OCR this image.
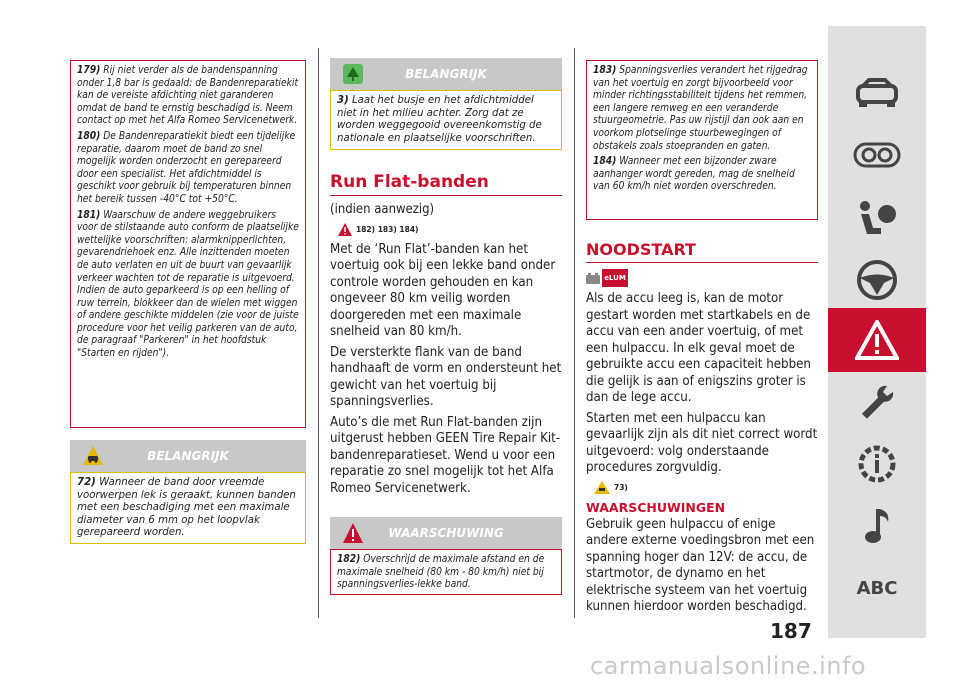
179) Rij niet verder als de bandenspanning onder 1,8 bar is gedaald: de Bandenreparatiekit kan de vereiste afdichting niet garanderen omdat de band te ernstig beschadigd is. Neem contact op met het Alfa Romeo Servicenetwerk.

180) De Bandenreparatiekit biedt een tijdelijke reparatie, daarom moet de band zo snel mogelijk worden onderzocht en gerepareerd door een specialist. Het afdichtmiddel is geschikt voor gebruik bij temperaturen binnen het bereik tussen -40°C tot +50°C.

181) Waarschuw de andere weggebruikers voor de stilstaande auto conform de plaatselijke wettelijke voorschriften: alarmknipperlichten, gevarendriehoek enz. Alle inzittenden moeten de auto verlaten en uit de buurt van gevaarlijk verkeer wachten tot de reparatie is uitgevoerd. Indien de auto geparkeerd is op een helling of ruw terrein, blokkeer dan de wielen met wiggen of andere geschikte middelen (zie voor de juiste procedure voor het veilig parkeren van de auto, de paragraaf "Parkeren" in het hoofdstuk "Starten en rijden").

BELANGRIJK
72) Wanneer de band door vreemde voorwerpen lek is geraakt, kunnen banden met een beschadiging met een maximale diameter van 6 mm op het loopvlak gerepareerd worden.
BELANGRIJK
3) Laat het busje en het afdichtmiddel niet in het milieu achter. Zorg dat ze worden weggegooid overeenkomstig de nationale en plaatselijke voorschriften.
Run Flat-banden

(indien aanwezig)

182) 183) 184)

Met de ‘Run Flat’-banden kan het voertuig ook bij een lekke band onder controle worden gehouden en kan ongeveer 80 km veilig worden doorgereden met een maximale snelheid van 80 km/h.

De versterkte flank van de band handhaaft de vorm en ondersteunt het gewicht van het voertuig bij spanningsverlies.

Auto’s die met Run Flat-banden zijn uitgerust hebben GEEN Tire Repair Kit-bandenreparatieset. Wend u voor een reparatie zo snel mogelijk tot het Alfa Romeo Servicenetwerk.

WAARSCHUWING
182) Overschrijd de maximale afstand en de maximale snelheid (80 km - 80 km/h) niet bij spanningsverlies-lekke band.

183) Spanningsverlies verandert het rijgedrag van het voertuig en zorgt bijvoorbeeld voor minder richtingsstabiliteit tijdens het remmen, een langere remweg en een veranderde stuurgeometrie. Pas uw rijstijl dan ook aan en voorkom plotselinge stuurbewegingen of obstakels zoals stoepranden en gaten.

184) Wanneer met een bijzonder zware aanhanger wordt gereden, mag de snelheid van 60 km/h niet worden overschreden.

NOODSTART
eLUM

Als de accu leeg is, kan de motor gestart worden met startkabels en de accu van een ander voertuig, of met een hulpaccu. In elk geval moet de gebruikte accu een capaciteit hebben die gelijk is aan of enigszins groter is dan de lege accu.

Starten met een hulpaccu kan gevaarlijk zijn als dit niet correct wordt uitgevoerd: volg onderstaande procedures zorgvuldig.

73)
WAARSCHUWINGEN

Gebruik geen hulpaccu of enige andere externe voedingsbron met een spanning hoger dan 12V: de accu, de startmotor, de dynamo en het elektrische systeem van het voertuig kunnen hierdoor worden beschadigd.

ABC
187
carmanualsonline.info
